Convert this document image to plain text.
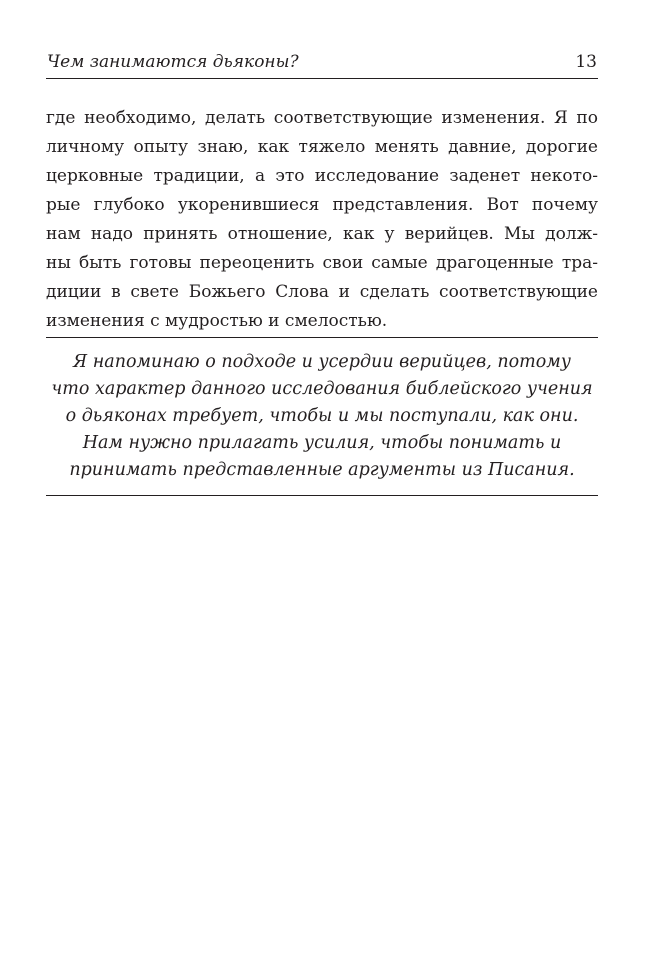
Чем занимаются дьяконы?	13

где необходимо, делать соответствующие изменения. Я по
личному опыту знаю, как тяжело менять давние, дорогие
церковные традиции, а это исследование заденет некото-
рые глубоко укоренившиеся представления. Вот почему
нам надо принять отношение, как у верийцев. Мы долж-
ны быть готовы переоценить свои самые драгоценные тра-
диции в свете Божьего Слова и сделать соответствующие
изменения с мудростью и смелостью.

Я напоминаю о подходе и усердии верийцев, потому
что характер данного исследования библейского учения
о дьяконах требует, чтобы и мы поступали, как они.
Нам нужно прилагать усилия, чтобы понимать и
принимать представленные аргументы из Писания.
